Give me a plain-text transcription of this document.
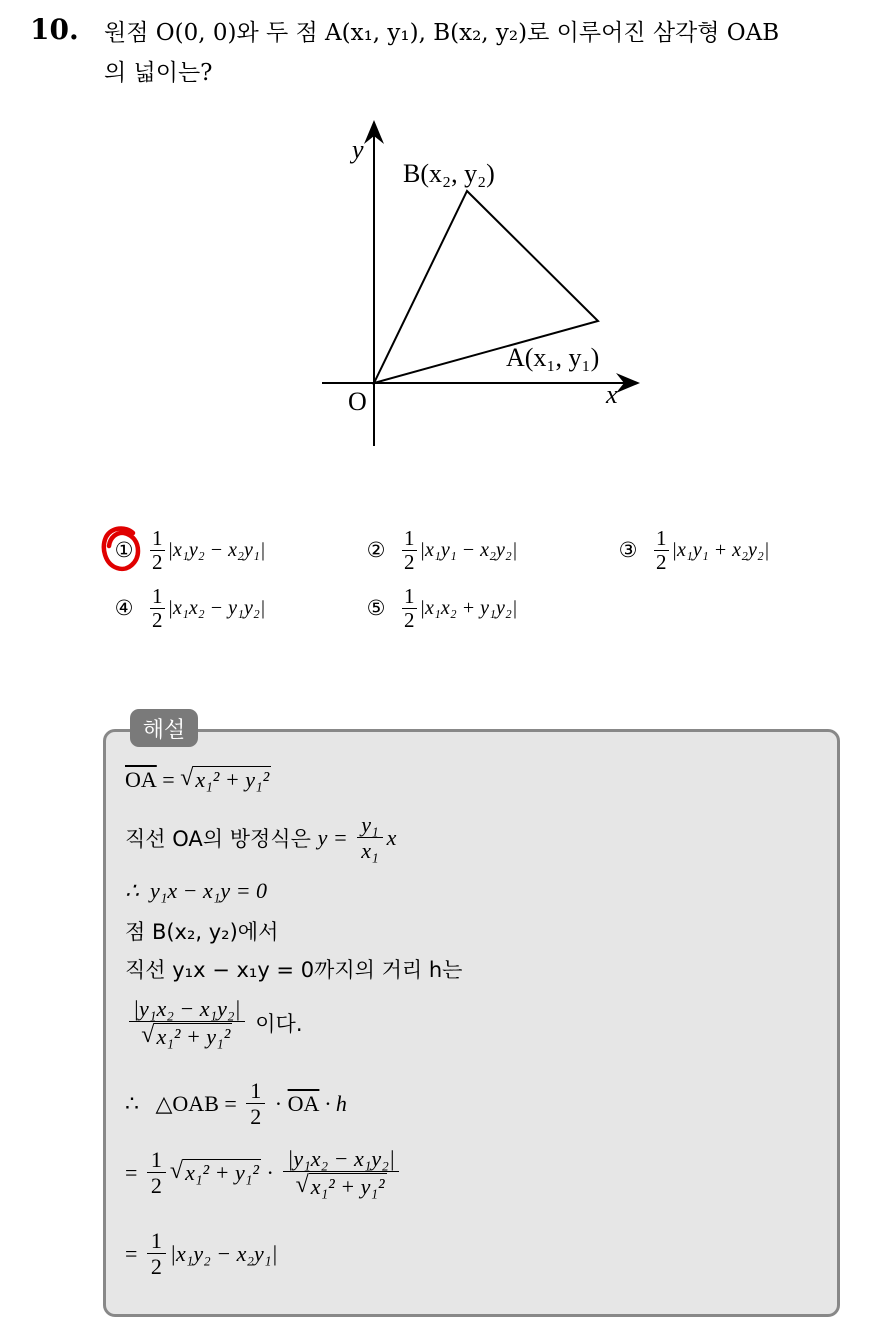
10. 원점 O(0, 0)와 두 점 A(x₁, y₁), B(x₂, y₂)로 이루어진 삼각형 OAB
의 넓이는?
y
x
O
A(x₁, y₁)
B(x₂, y₂)
① $\frac{1}{2} |x_1y_2 - x_2y_1|$	② $\frac{1}{2} |x_1y_1 - x_2y_2|$	③ $\frac{1}{2} |x_1y_1 + x_2y_2|$
④ $\frac{1}{2} |x_1x_2 - y_1y_2|$	⑤ $\frac{1}{2} |x_1x_2 + y_1y_2|$
해설
$\overline{OA}$ = √ x₁² + y₁²
직선 OA의 방정식은 $y = \frac{\text{y₁}}{\text{x₁}}$ x
∴  y₁x − x₁y = 0
점 B(x₂, y₂)에서
직선 y₁x − x₁y = 0까지의 거리 h는
$\frac{\text{|y₁x₂ − x₁y₂|}}{\text{√ x₁² + y₁²}}$ 이다.
∴   △OAB = $\frac{1}{2} \cdot \overline{OA} \cdot h$
= $\frac{1}{2}$ √ $x_1^2 + y_1^2 \cdot \frac{\text{|y₁x₂ − x₁y₂|}}{\text{√ x₁² + y₁²}}$
= $\frac{1}{2} |x_1y_2 - x_2y_1|$
